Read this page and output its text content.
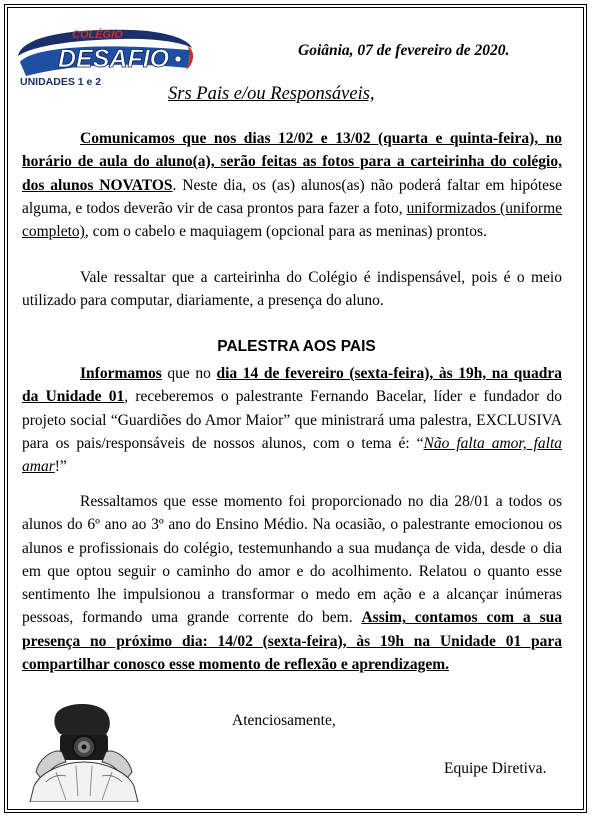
COLÉGIO
DESAFIO
UNIDADES 1 e 2
Goiânia, 07 de fevereiro de 2020.
Srs Pais e/ou Responsáveis,
Comunicamos que nos dias 12/02 e 13/02 (quarta e quinta-feira), no horário de aula do aluno(a), serão feitas as fotos para a carteirinha do colégio, dos alunos NOVATOS. Neste dia, os (as) alunos(as) não poderá faltar em hipótese alguma, e todos deverão vir de casa prontos para fazer a foto, uniformizados (uniforme completo), com o cabelo e maquiagem (opcional para as meninas) prontos.
Vale ressaltar que a carteirinha do Colégio é indispensável, pois é o meio utilizado para computar, diariamente, a presença do aluno.
PALESTRA AOS PAIS
Informamos que no dia 14 de fevereiro (sexta-feira), às 19h, na quadra da Unidade 01, receberemos o palestrante Fernando Bacelar, líder e fundador do projeto social “Guardiões do Amor Maior” que ministrará uma palestra, EXCLUSIVA para os pais/responsáveis de nossos alunos, com o tema é: “Não falta amor, falta amar!”
Ressaltamos que esse momento foi proporcionado no dia 28/01 a todos os alunos do 6º ano ao 3º ano do Ensino Médio. Na ocasião, o palestrante emocionou os alunos e profissionais do colégio, testemunhando a sua mudança de vida, desde o dia em que optou seguir o caminho do amor e do acolhimento. Relatou o quanto esse sentimento lhe impulsionou a transformar o medo em ação e a alcançar inúmeras pessoas, formando uma grande corrente do bem. Assim, contamos com a sua presença no próximo dia: 14/02 (sexta-feira), às 19h na Unidade 01 para compartilhar conosco esse momento de reflexão e aprendizagem.
Atenciosamente,
Equipe Diretiva.
